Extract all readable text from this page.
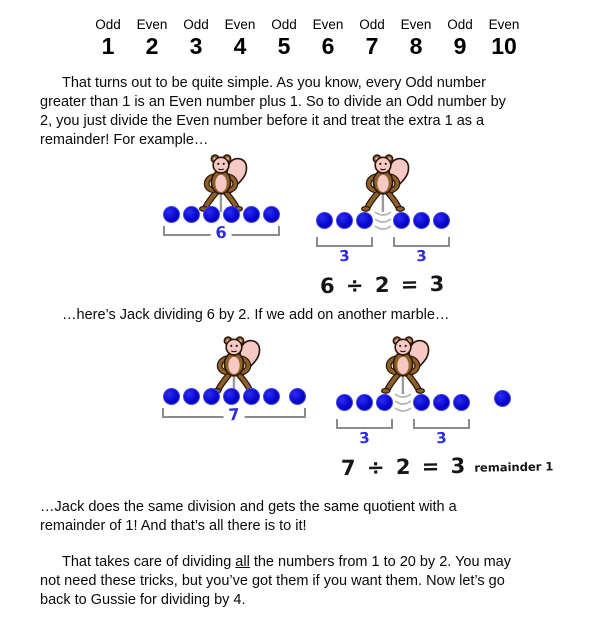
Odd
1
Even
2
Odd
3
Even
4
Odd
5
Even
6
Odd
7
Even
8
Odd
9
Even
10

That turns out to be quite simple. As you know, every Odd number
greater than 1 is an Even number plus 1. So to divide an Odd number by
2, you just divide the Even number before it and treat the extra 1 as a
remainder! For example…

6
3	3
6 ÷ 2 = 3

…here’s Jack dividing 6 by 2. If we add on another marble…

7
3	3
7 ÷ 2 = 3 remainder 1

…Jack does the same division and gets the same quotient with a
remainder of 1! And that’s all there is to it!

That takes care of dividing all the numbers from 1 to 20 by 2. You may
not need these tricks, but you’ve got them if you want them. Now let’s go
back to Gussie for dividing by 4.
